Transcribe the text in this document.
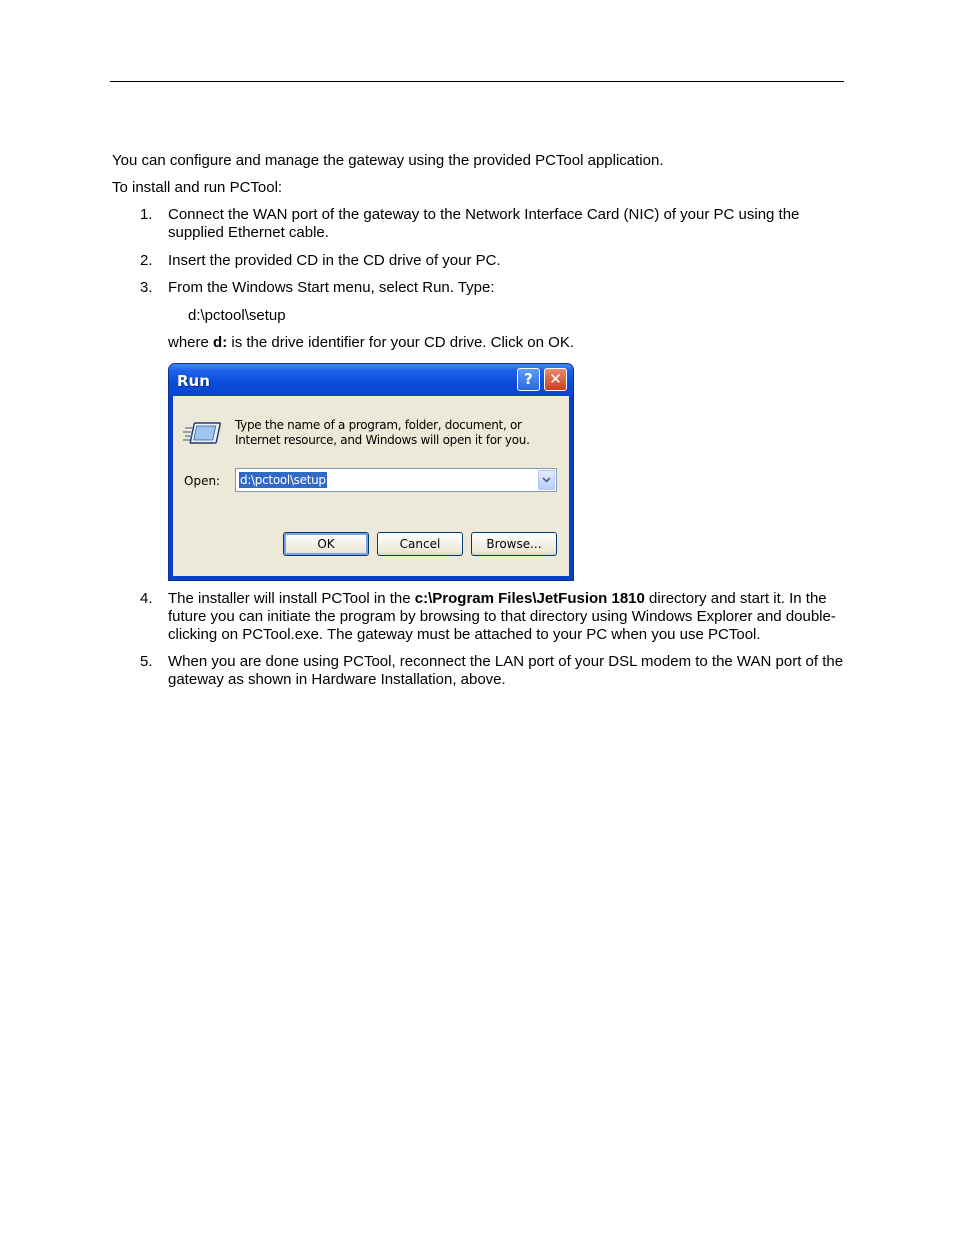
You can configure and manage the gateway using the provided PCTool application.
To install and run PCTool:
1.	Connect the WAN port of the gateway to the Network Interface Card (NIC) of your PC using the supplied Ethernet cable.
2.	Insert the provided CD in the CD drive of your PC.
3.	From the Windows Start menu, select Run. Type:
d:\pctool\setup
where d: is the drive identifier for your CD drive. Click on OK.
Run	?	✕
Type the name of a program, folder, document, or
Internet resource, and Windows will open it for you.
Open: d:\pctool\setup
OK	Cancel	Browse...
4.	The installer will install PCTool in the c:\Program Files\JetFusion 1810 directory and start it. In the future you can initiate the program by browsing to that directory using Windows Explorer and double-clicking on PCTool.exe. The gateway must be attached to your PC when you use PCTool.
5.	When you are done using PCTool, reconnect the LAN port of your DSL modem to the WAN port of the gateway as shown in Hardware Installation, above.
